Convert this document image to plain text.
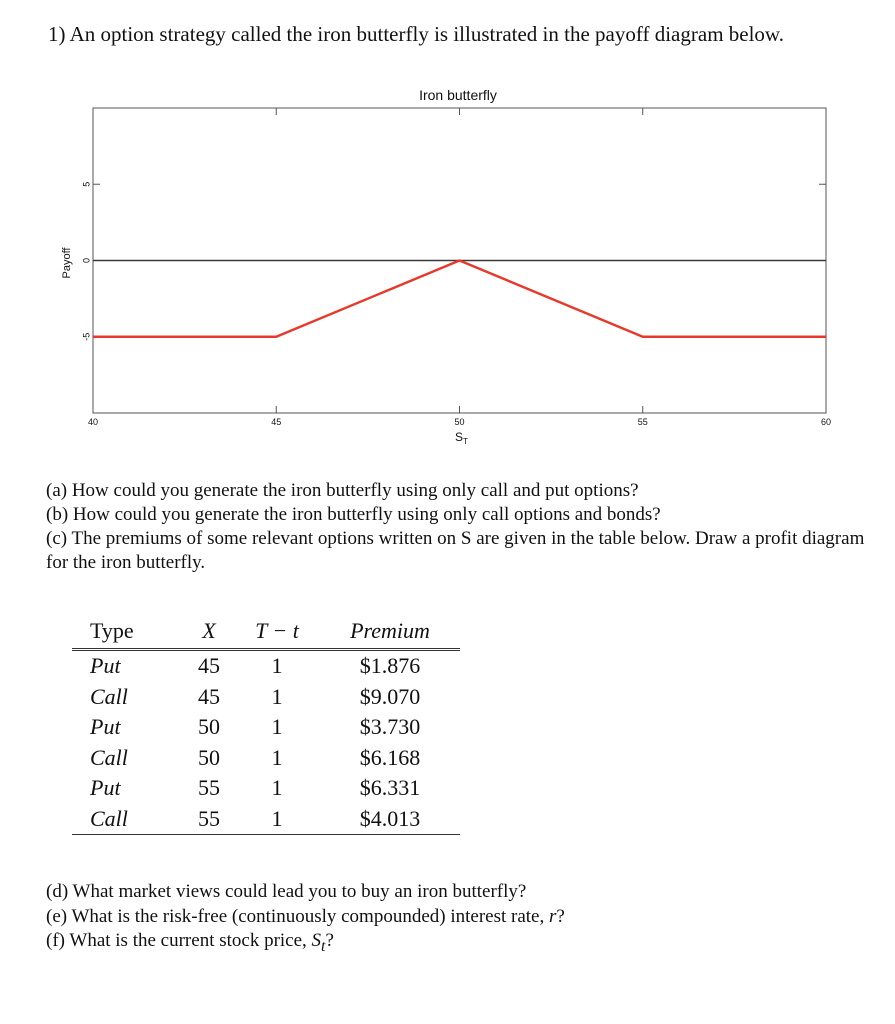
1) An option strategy called the iron butterfly is illustrated in the payoff diagram below.
Iron butterfly
40	45	50	55	60
-5
0
5
Payoff
$S_T$
(a) How could you generate the iron butterfly using only call and put options?
(b) How could you generate the iron butterfly using only call options and bonds?
(c) The premiums of some relevant options written on S are given in the table below. Draw a profit diagram for the iron butterfly.
Type	X	T − t	Premium
Put	45	1	$1.876
Call	45	1	$9.070
Put	50	1	$3.730
Call	50	1	$6.168
Put	55	1	$6.331
Call	55	1	$4.013
(d) What market views could lead you to buy an iron butterfly?
(e) What is the risk-free (continuously compounded) interest rate, r?
(f) What is the current stock price, $S_t$?
